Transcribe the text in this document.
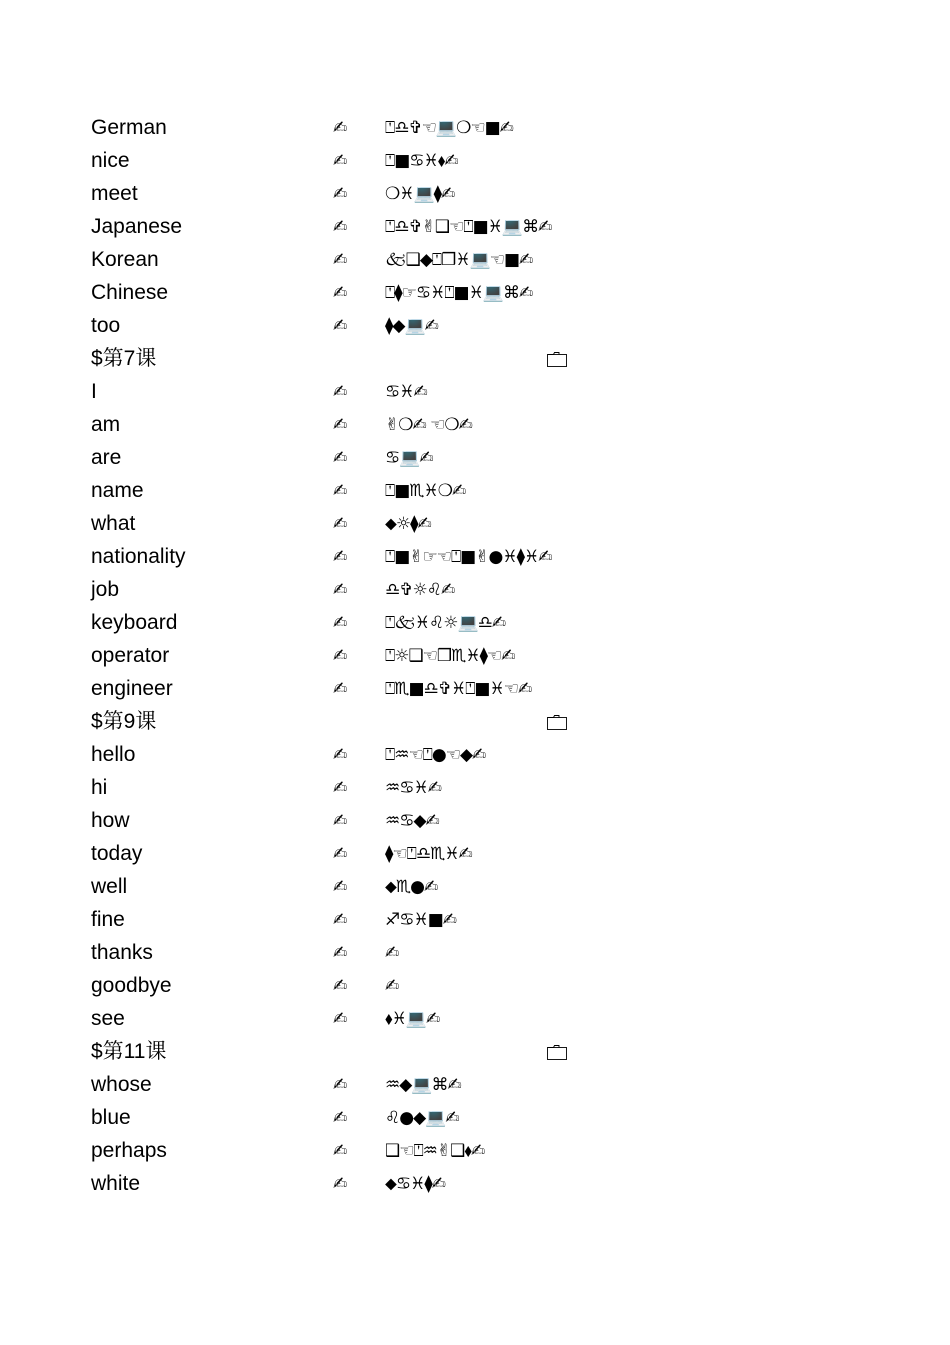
German	✍ ⍞♎✞☜💻❍☜■✍
nice	✍ ⍞■♋♓⬧✍
meet	✍ ❍♓💻⧫✍
Japanese	✍ ⍞♎✞✌❑☜⍞■♓💻⌘✍
Korean	✍ 🙵❑◆⍞❒♓💻☜■✍
Chinese	✍ ⍞⧫☞♋♓⍞■♓💻⌘✍
too	✍ ⧫◆💻✍
$第7课
I	✍ ♋♓✍
am	✍ ✌❍✍ ☜❍✍
are	✍ ♋💻✍
name	✍ ⍞■♏♓❍✍
what	✍ ⬥☼⧫✍
nationality	✍ ⍞■✌☞☜⍞■✌●♓⧫♓✍
job	✍ ♎✞☼♌✍
keyboard	✍ ⍞🙵♓♌☼💻♎✍
operator	✍ ⍞☼❑☜❒♏♓⧫☜✍
engineer	✍ ⍞♏■♎✞♓⍞■♓☜✍
$第9课
hello	✍ ⍞♒☜⍞●☜◆✍
hi	✍ ♒♋♓✍
how	✍ ♒♋◆✍
today	✍ ⧫☜⍞♎♏♓✍
well	✍ ⬥♏●✍
fine	✍ ♐♋♓■✍
thanks	✍ ✍
goodbye	✍ ✍
see	✍ ⬧♓💻✍
$第11课
whose	✍ ♒◆💻⌘✍
blue	✍ ♌●◆💻✍
perhaps	✍ ❑☜⍞♒✌❑⬧✍
white	✍ ⬥♋♓⧫✍
